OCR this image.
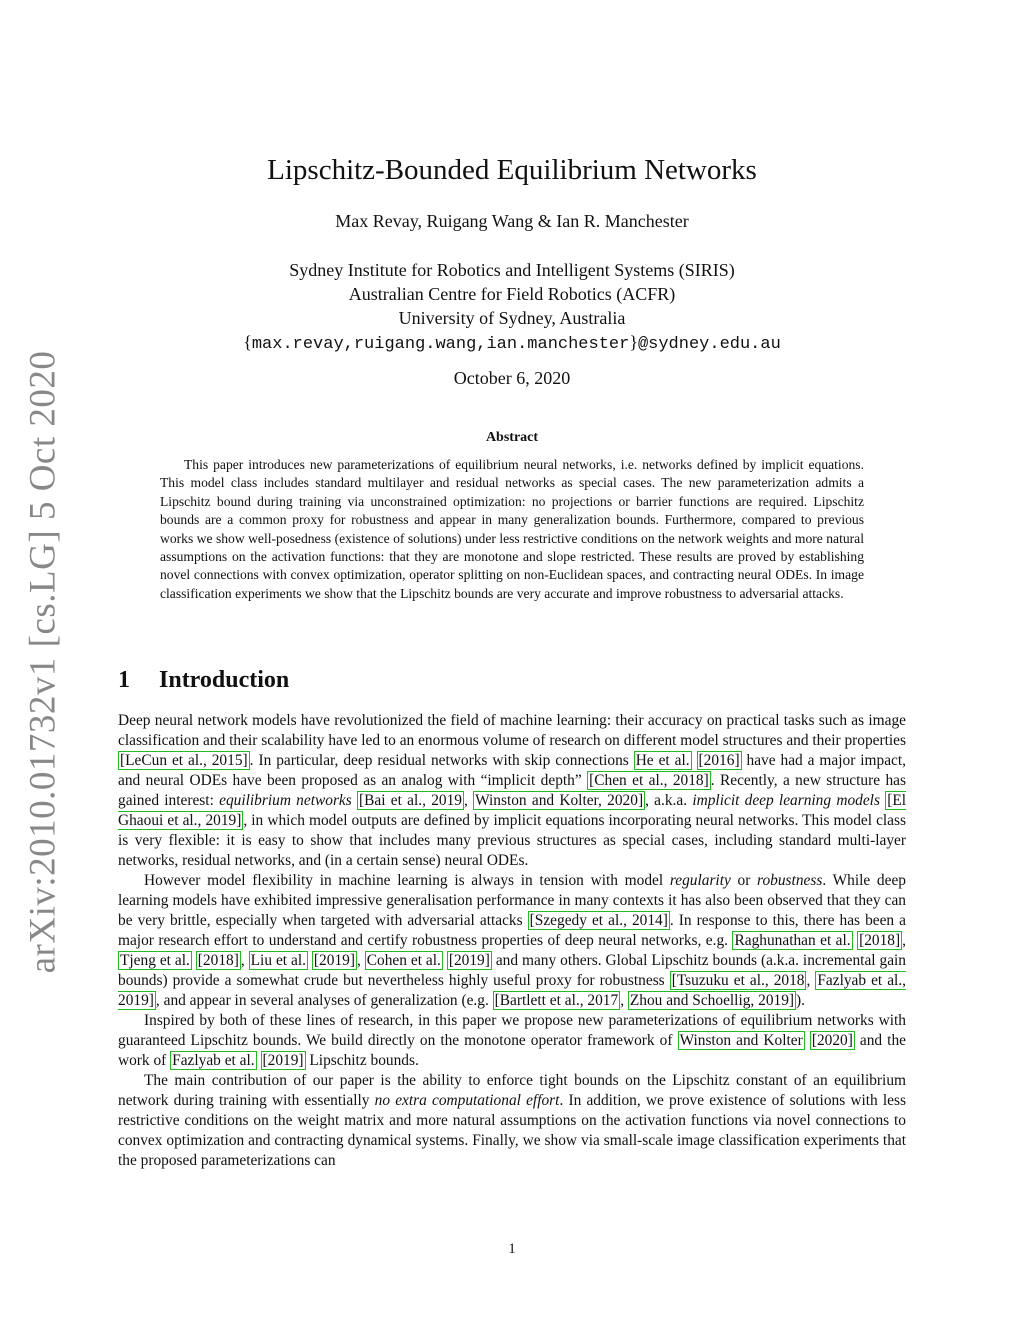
arXiv:2010.01732v1 [cs.LG] 5 Oct 2020
Lipschitz-Bounded Equilibrium Networks
Max Revay, Ruigang Wang & Ian R. Manchester
Sydney Institute for Robotics and Intelligent Systems (SIRIS)
Australian Centre for Field Robotics (ACFR)
University of Sydney, Australia
{max.revay,ruigang.wang,ian.manchester}@sydney.edu.au
October 6, 2020
Abstract

This paper introduces new parameterizations of equilibrium neural networks, i.e. networks defined by implicit equations. This model class includes standard multilayer and residual networks as special cases. The new parameterization admits a Lipschitz bound during training via unconstrained optimization: no projections or barrier functions are required. Lipschitz bounds are a common proxy for robustness and appear in many generalization bounds. Furthermore, compared to previous works we show well-posedness (existence of solutions) under less restrictive conditions on the network weights and more natural assumptions on the activation functions: that they are monotone and slope restricted. These results are proved by establishing novel connections with convex optimization, operator splitting on non-Euclidean spaces, and contracting neural ODEs. In image classification experiments we show that the Lipschitz bounds are very accurate and improve robustness to adversarial attacks.

1 Introduction

Deep neural network models have revolutionized the field of machine learning: their accuracy on practical tasks such as image classification and their scalability have led to an enormous volume of research on different model structures and their properties [LeCun et al., 2015] . In particular, deep residual networks with skip connections He et al. [2016] have had a major impact, and neural ODEs have been proposed as an analog with “implicit depth” [Chen et al., 2018] . Recently, a new structure has gained interest: equilibrium networks [Bai et al., 2019 , Winston and Kolter, 2020] , a.k.a. implicit deep learning models [El Ghaoui et al., 2019] , in which model outputs are defined by implicit equations incorporating neural networks. This model class is very flexible: it is easy to show that includes many previous structures as special cases, including standard multi-layer networks, residual networks, and (in a certain sense) neural ODEs.

However model flexibility in machine learning is always in tension with model regularity or robustness. While deep learning models have exhibited impressive generalisation performance in many contexts it has also been observed that they can be very brittle, especially when targeted with adversarial attacks [Szegedy et al., 2014] . In response to this, there has been a major research effort to understand and certify robustness properties of deep neural networks, e.g. Raghunathan et al. [2018] , Tjeng et al. [2018] , Liu et al. [2019] , Cohen et al. [2019] and many others. Global Lipschitz bounds (a.k.a. incremental gain bounds) provide a somewhat crude but nevertheless highly useful proxy for robustness [Tsuzuku et al., 2018 , Fazlyab et al., 2019] , and appear in several analyses of generalization (e.g. [Bartlett et al., 2017 , Zhou and Schoellig, 2019] ).

Inspired by both of these lines of research, in this paper we propose new parameterizations of equilibrium networks with guaranteed Lipschitz bounds. We build directly on the monotone operator framework of Winston and Kolter [2020] and the work of Fazlyab et al. [2019] Lipschitz bounds.

The main contribution of our paper is the ability to enforce tight bounds on the Lipschitz constant of an equilibrium network during training with essentially no extra computational effort. In addition, we prove existence of solutions with less restrictive conditions on the weight matrix and more natural assumptions on the activation functions via novel connections to convex optimization and contracting dynamical systems. Finally, we show via small-scale image classification experiments that the proposed parameterizations can

1
